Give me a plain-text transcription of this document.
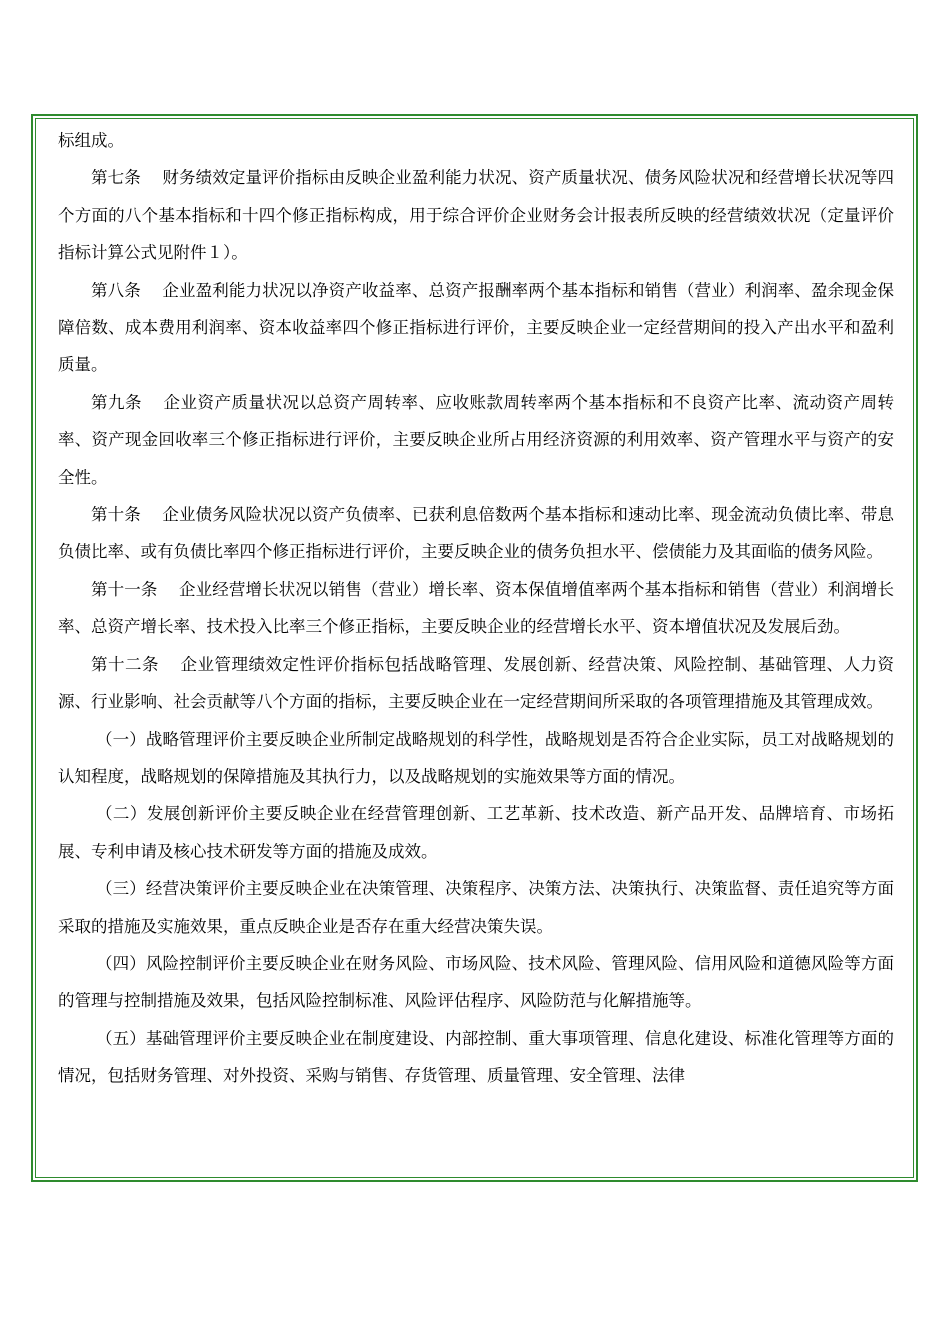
标组成。

第七条 财务绩效定量评价指标由反映企业盈利能力状况、资产质量状况、债务风险状况和经营增长状况等四个方面的八个基本指标和十四个修正指标构成，用于综合评价企业财务会计报表所反映的经营绩效状况（定量评价指标计算公式见附件１）。

第八条 企业盈利能力状况以净资产收益率、总资产报酬率两个基本指标和销售（营业）利润率、盈余现金保障倍数、成本费用利润率、资本收益率四个修正指标进行评价，主要反映企业一定经营期间的投入产出水平和盈利质量。

第九条 企业资产质量状况以总资产周转率、应收账款周转率两个基本指标和不良资产比率、流动资产周转率、资产现金回收率三个修正指标进行评价，主要反映企业所占用经济资源的利用效率、资产管理水平与资产的安全性。

第十条 企业债务风险状况以资产负债率、已获利息倍数两个基本指标和速动比率、现金流动负债比率、带息负债比率、或有负债比率四个修正指标进行评价，主要反映企业的债务负担水平、偿债能力及其面临的债务风险。

第十一条 企业经营增长状况以销售（营业）增长率、资本保值增值率两个基本指标和销售（营业）利润增长率、总资产增长率、技术投入比率三个修正指标，主要反映企业的经营增长水平、资本增值状况及发展后劲。

第十二条 企业管理绩效定性评价指标包括战略管理、发展创新、经营决策、风险控制、基础管理、人力资源、行业影响、社会贡献等八个方面的指标，主要反映企业在一定经营期间所采取的各项管理措施及其管理成效。

（一）战略管理评价主要反映企业所制定战略规划的科学性，战略规划是否符合企业实际，员工对战略规划的认知程度，战略规划的保障措施及其执行力，以及战略规划的实施效果等方面的情况。

（二）发展创新评价主要反映企业在经营管理创新、工艺革新、技术改造、新产品开发、品牌培育、市场拓展、专利申请及核心技术研发等方面的措施及成效。

（三）经营决策评价主要反映企业在决策管理、决策程序、决策方法、决策执行、决策监督、责任追究等方面采取的措施及实施效果，重点反映企业是否存在重大经营决策失误。

（四）风险控制评价主要反映企业在财务风险、市场风险、技术风险、管理风险、信用风险和道德风险等方面的管理与控制措施及效果，包括风险控制标准、风险评估程序、风险防范与化解措施等。

（五）基础管理评价主要反映企业在制度建设、内部控制、重大事项管理、信息化建设、标准化管理等方面的情况，包括财务管理、对外投资、采购与销售、存货管理、质量管理、安全管理、法律
